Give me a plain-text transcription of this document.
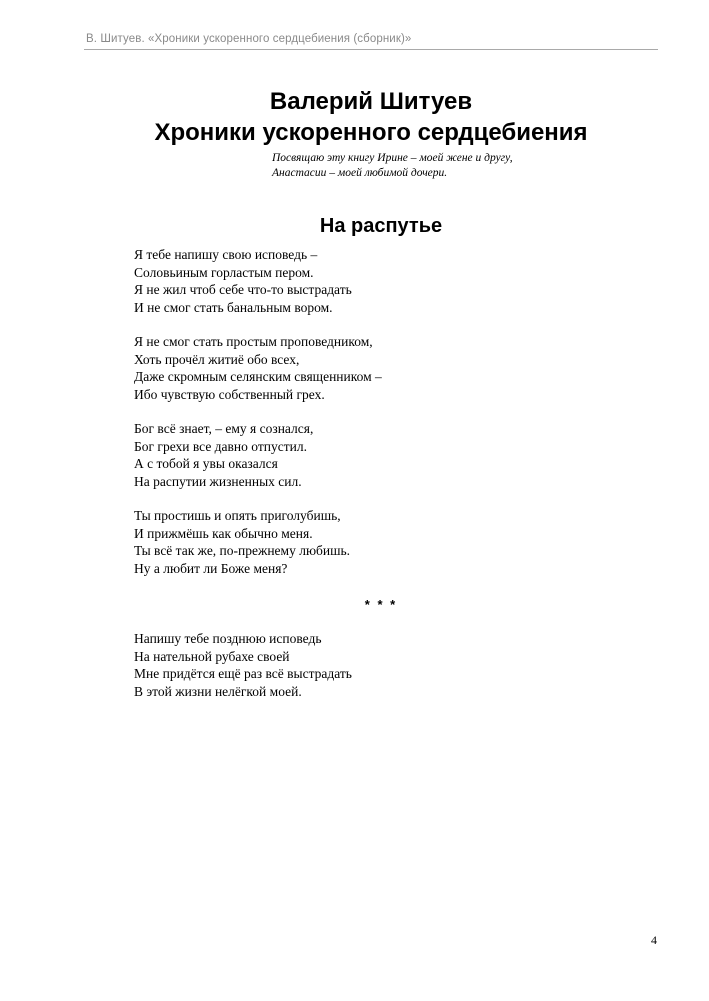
В. Шитуев. «Хроники ускоренного сердцебиения (сборник)»
Валерий Шитуев
Хроники ускоренного сердцебиения
Посвящаю эту книгу Ирине – моей жене и другу,
Анастасии – моей любимой дочери.
На распутье
Я тебе напишу свою исповедь –
Соловьиным горластым пером.
Я не жил чтоб себе что-то выстрадать
И не смог стать банальным вором.
Я не смог стать простым проповедником,
Хоть прочёл житиё обо всех,
Даже скромным селянским священником –
Ибо чувствую собственный грех.
Бог всё знает, – ему я сознался,
Бог грехи все давно отпустил.
А с тобой я увы оказался
На распутии жизненных сил.
Ты простишь и опять приголубишь,
И прижмёшь как обычно меня.
Ты всё так же, по-прежнему любишь.
Ну а любит ли Боже меня?
* * *
Напишу тебе позднюю исповедь
На нательной рубахе своей
Мне придётся ещё раз всё выстрадать
В этой жизни нелёгкой моей.
4
